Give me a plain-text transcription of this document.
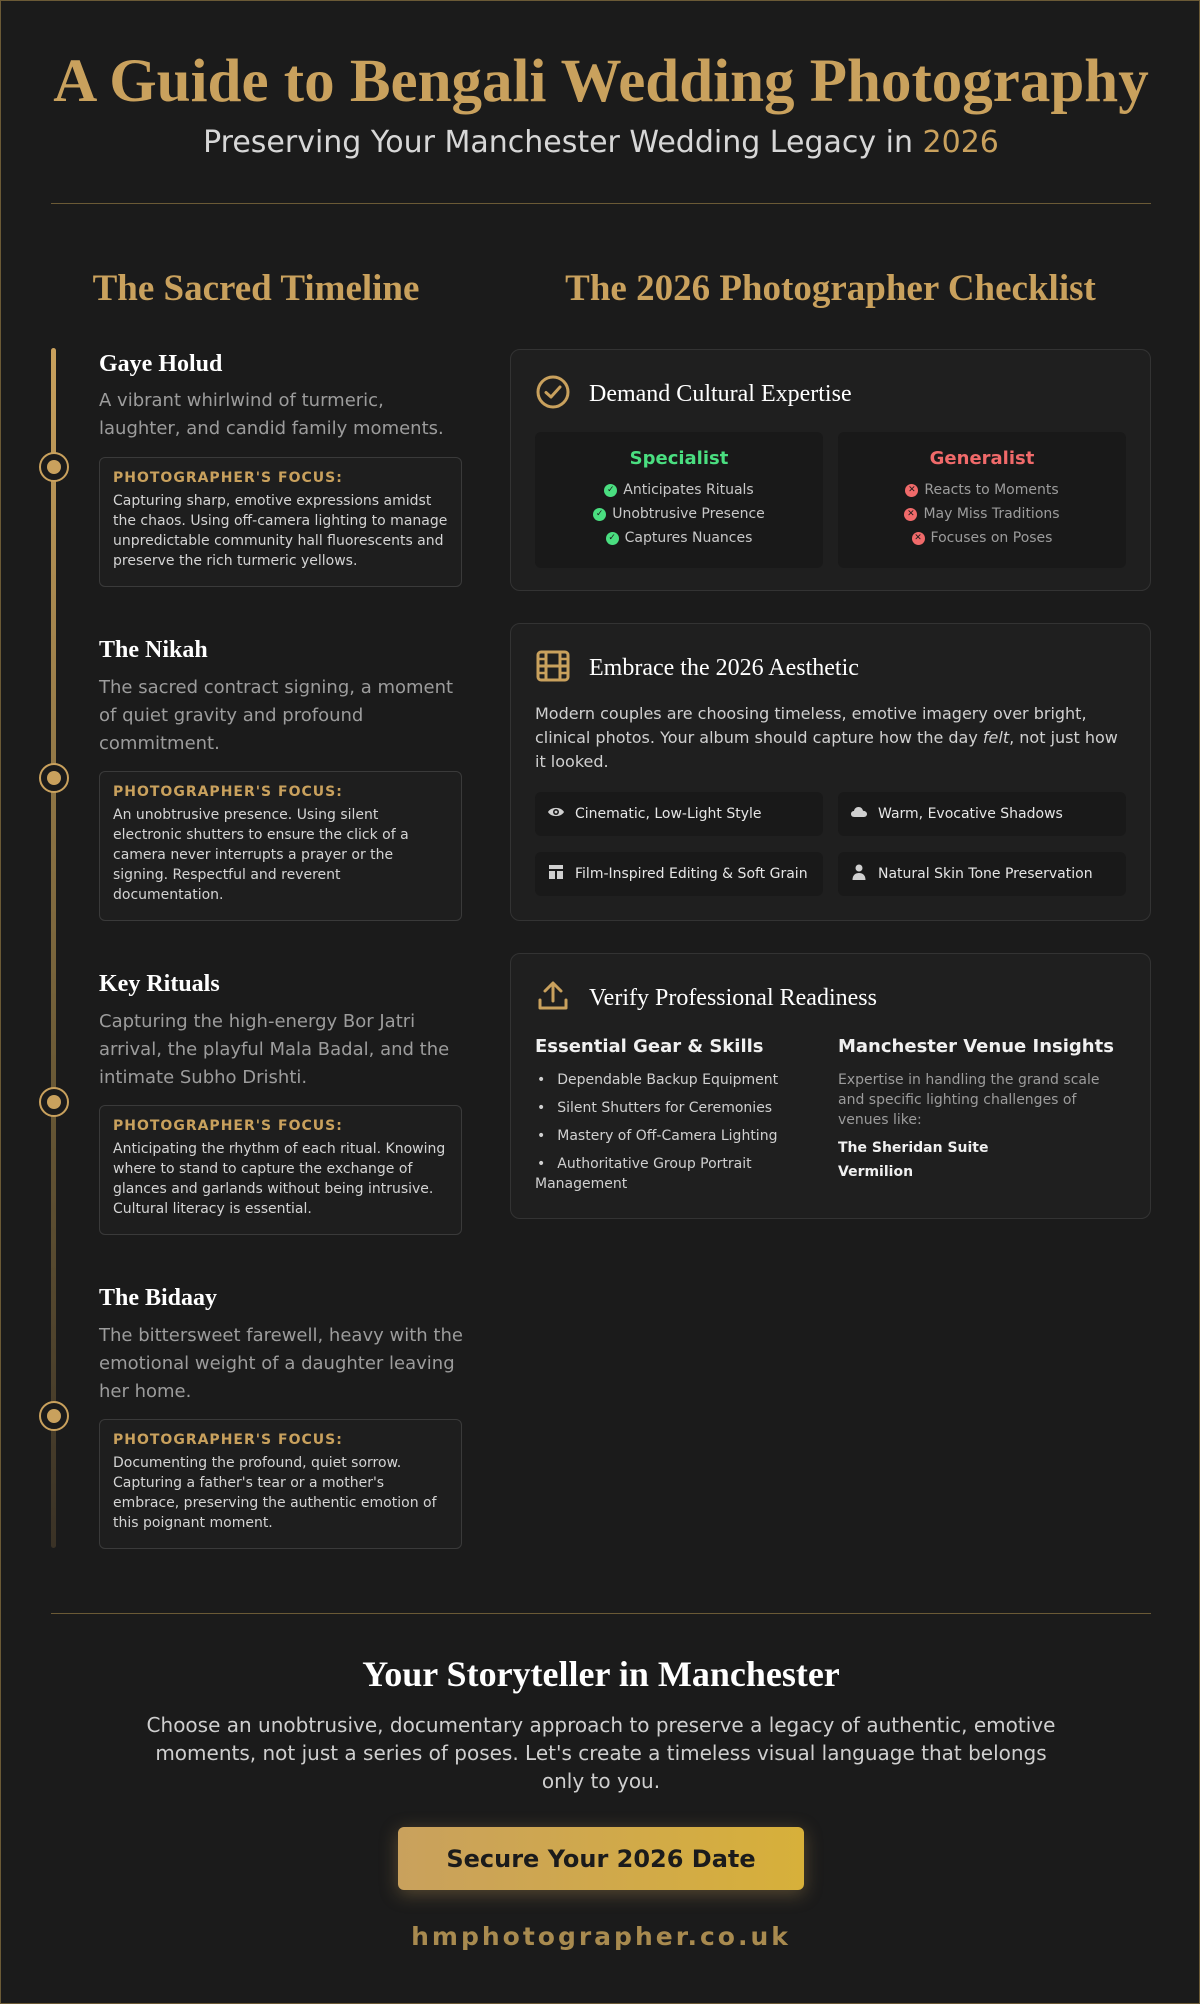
A Guide to Bengali Wedding Photography
Preserving Your Manchester Wedding Legacy in 2026
The Sacred Timeline	The 2026 Photographer Checklist
Gaye Holud
A vibrant whirlwind of turmeric, laughter, and candid family moments.
PHOTOGRAPHER'S FOCUS:
Capturing sharp, emotive expressions amidst the chaos. Using off-camera lighting to manage unpredictable community hall fluorescents and preserve the rich turmeric yellows.
The Nikah
The sacred contract signing, a moment of quiet gravity and profound commitment.
PHOTOGRAPHER'S FOCUS:
An unobtrusive presence. Using silent electronic shutters to ensure the click of a camera never interrupts a prayer or the signing. Respectful and reverent documentation.
Key Rituals
Capturing the high-energy Bor Jatri arrival, the playful Mala Badal, and the intimate Subho Drishti.
PHOTOGRAPHER'S FOCUS:
Anticipating the rhythm of each ritual. Knowing where to stand to capture the exchange of glances and garlands without being intrusive. Cultural literacy is essential.
The Bidaay
The bittersweet farewell, heavy with the emotional weight of a daughter leaving her home.
PHOTOGRAPHER'S FOCUS:
Documenting the profound, quiet sorrow. Capturing a father's tear or a mother's embrace, preserving the authentic emotion of this poignant moment.
Demand Cultural Expertise
Specialist
✓ Anticipates Rituals
✓ Unobtrusive Presence
✓ Captures Nuances
Generalist
✕ Reacts to Moments
✕ May Miss Traditions
✕ Focuses on Poses
Embrace the 2026 Aesthetic

Modern couples are choosing timeless, emotive imagery over bright, clinical photos. Your album should capture how the day felt, not just how it looked.

Cinematic, Low-Light Style	Warm, Evocative Shadows
Film-Inspired Editing & Soft Grain	Natural Skin Tone Preservation
Verify Professional Readiness
Essential Gear & Skills
• Dependable Backup Equipment
• Silent Shutters for Ceremonies
• Mastery of Off-Camera Lighting
• Authoritative Group Portrait Management
Manchester Venue Insights
Expertise in handling the grand scale and specific lighting challenges of venues like:
The Sheridan Suite
Vermilion
Your Storyteller in Manchester

Choose an unobtrusive, documentary approach to preserve a legacy of authentic, emotive moments, not just a series of poses. Let's create a timeless visual language that belongs only to you.

Secure Your 2026 Date
hmphotographer.co.uk
